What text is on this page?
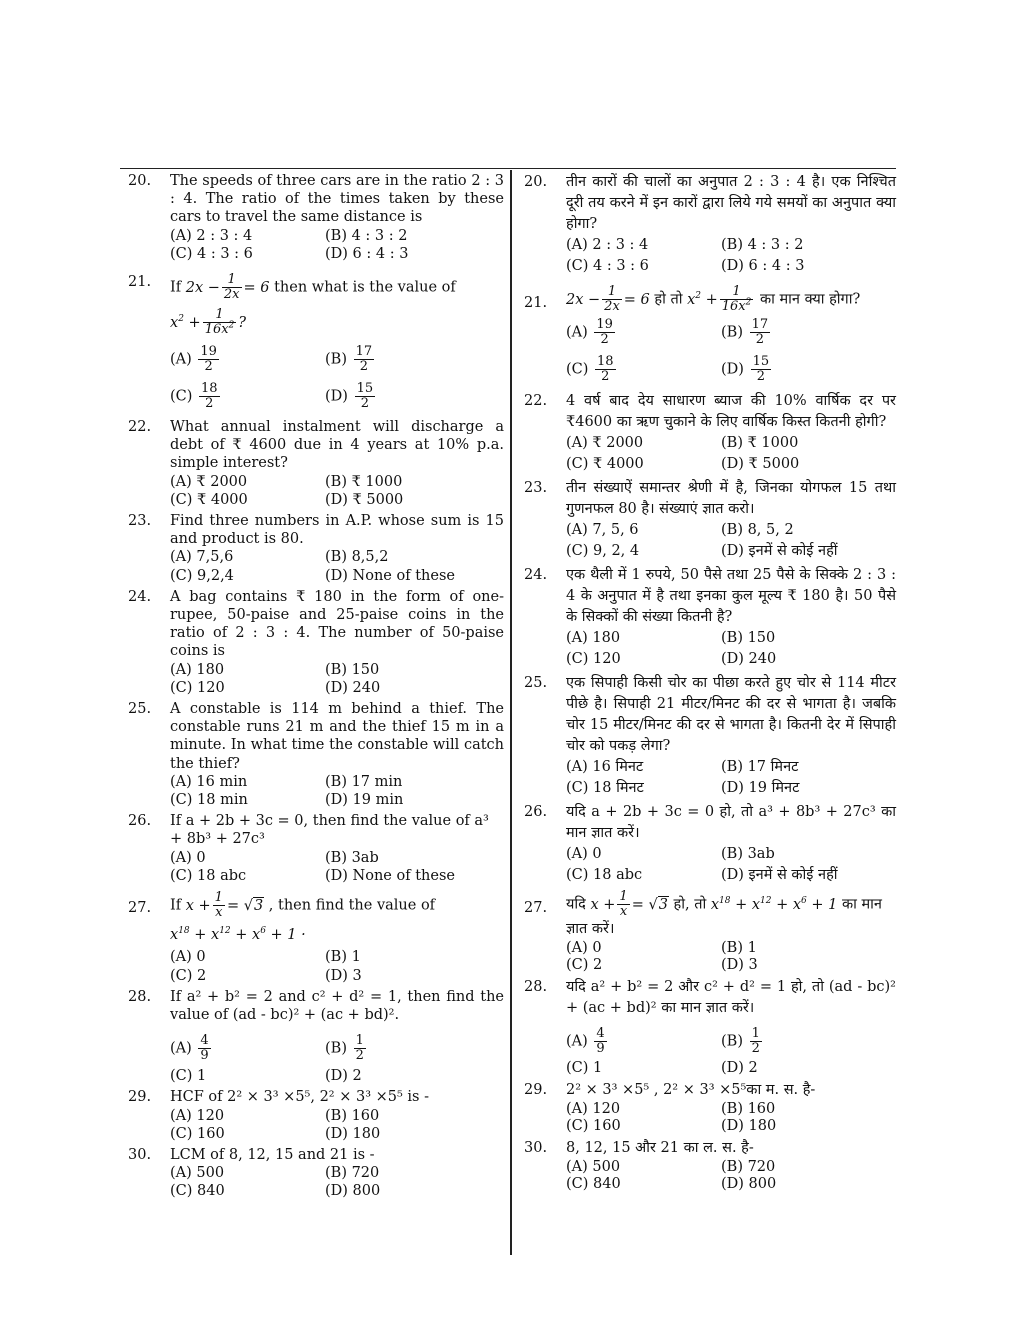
20. The speeds of three cars are in the ratio 2 : 3 : 4. The ratio of the times taken by these cars to travel the same distance is
(A) 2 : 3 : 4	(B) 4 : 3 : 2
(C) 4 : 3 : 6	(D) 6 : 4 : 3
21. If $2x - \frac{1}{2x} = 6$ then what is the value of
$x^2 + \frac{1}{16x^2}$ ?
$(A) \frac{19}{2}$	$(B) \frac{17}{2}$
$(C) \frac{18}{2}$	$(D) \frac{15}{2}$
22. What annual instalment will discharge a debt of ₹ 4600 due in 4 years at 10% p.a. simple interest?
(A) ₹ 2000	(B) ₹ 1000
(C) ₹ 4000	(D) ₹ 5000
23. Find three numbers in A.P. whose sum is 15 and product is 80.
(A) 7,5,6	(B) 8,5,2
(C) 9,2,4	(D) None of these
24. A bag contains ₹ 180 in the form of one-rupee, 50-paise and 25-paise coins in the ratio of 2 : 3 : 4. The number of 50-paise coins is
(A) 180	(B) 150
(C) 120	(D) 240
25. A constable is 114 m behind a thief. The constable runs 21 m and the thief 15 m in a minute. In what time the constable will catch the thief?
(A) 16 min	(B) 17 min
(C) 18 min	(D) 19 min
26. If a + 2b + 3c = 0, then find the value of a³ + 8b³ + 27c³
(A) 0	(B) 3ab
(C) 18 abc	(D) None of these
27. If $x + \frac{1}{x} = √3$ , then find the value of
$x^{18} + x^{12} + x^6 + 1$ ·
(A) 0	(B) 1
(C) 2	(D) 3
28. If a² + b² = 2 and c² + d² = 1, then find the value of (ad - bc)² + (ac + bd)².
$(A) \frac{4}{9}$	$(B) \frac{1}{2}$
(C) 1	(D) 2
29. HCF of 2² × 3³ ×5⁵, 2² × 3³ ×5⁵ is -
(A) 120	(B) 160
(C) 160	(D) 180
30. LCM of 8, 12, 15 and 21 is -
(A) 500	(B) 720
(C) 840	(D) 800
20. तीन कारों की चालों का अनुपात 2 : 3 : 4 है। एक निश्चित दूरी तय करने में इन कारों द्वारा लिये गये समयों का अनुपात क्या होगा?
(A) 2 : 3 : 4	(B) 4 : 3 : 2
(C) 4 : 3 : 6	(D) 6 : 4 : 3
21. $2x - \frac{1}{2x} = 6$ हो तो $x^2 + \frac{1}{16x^2}$ का मान क्या होगा?
$(A) \frac{19}{2}$	$(B) \frac{17}{2}$
$(C) \frac{18}{2}$	$(D) \frac{15}{2}$
22. 4 वर्ष बाद देय साधारण ब्याज की 10% वार्षिक दर पर ₹4600 का ऋण चुकाने के लिए वार्षिक किस्त कितनी होगी?
(A) ₹ 2000	(B) ₹ 1000
(C) ₹ 4000	(D) ₹ 5000
23. तीन संख्याऐं समान्तर श्रेणी में है, जिनका योगफल 15 तथा गुणनफल 80 है। संख्याएं ज्ञात करो।
(A) 7, 5, 6	(B) 8, 5, 2
(C) 9, 2, 4	(D) इनमें से कोई नहीं
24. एक थैली में 1 रुपये, 50 पैसे तथा 25 पैसे के सिक्के 2 : 3 : 4 के अनुपात में है तथा इनका कुल मूल्य ₹ 180 है। 50 पैसे के सिक्कों की संख्या कितनी है?
(A) 180	(B) 150
(C) 120	(D) 240
25. एक सिपाही किसी चोर का पीछा करते हुए चोर से 114 मीटर पीछे है। सिपाही 21 मीटर/मिनट की दर से भागता है। जबकि चोर 15 मीटर/मिनट की दर से भागता है। कितनी देर में सिपाही चोर को पकड़ लेगा?
(A) 16 मिनट	(B) 17 मिनट
(C) 18 मिनट	(D) 19 मिनट
26. यदि a + 2b + 3c = 0 हो, तो a³ + 8b³ + 27c³ का मान ज्ञात करें।
(A) 0	(B) 3ab
(C) 18 abc	(D) इनमें से कोई नहीं
27. यदि $x + \frac{1}{x} = √3$ हो, तो $x^{18} + x^{12} + x^6 + 1$ का मान
ज्ञात करें।
(A) 0	(B) 1
(C) 2	(D) 3
28. यदि a² + b² = 2 और c² + d² = 1 हो, तो (ad - bc)² + (ac + bd)² का मान ज्ञात करें।
$(A) \frac{4}{9}$	$(B) \frac{1}{2}$
(C) 1	(D) 2
29. 2² × 3³ ×5⁵ , 2² × 3³ ×5⁵का म. स. है-
(A) 120	(B) 160
(C) 160	(D) 180
30. 8, 12, 15 और 21 का ल. स. है-
(A) 500	(B) 720
(C) 840	(D) 800
